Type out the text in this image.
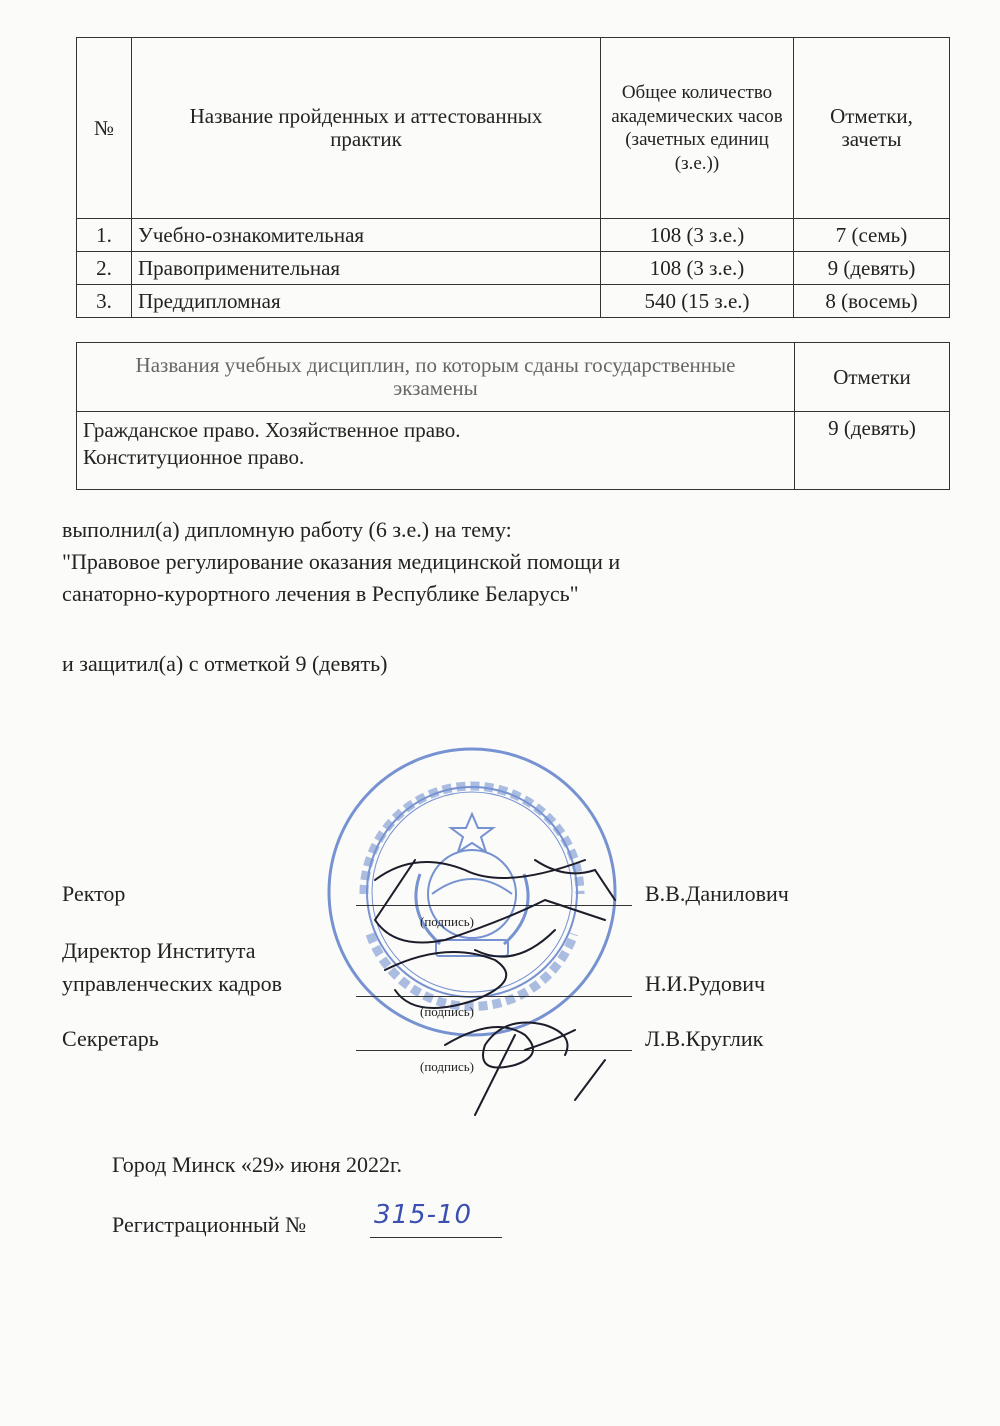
№	Название пройденных и аттестованных практик	Общее количество академических часов (зачетных единиц (з.е.))	Отметки, зачеты
1.	Учебно-ознакомительная	108 (3 з.е.)	7 (семь)
2.	Правоприменительная	108 (3 з.е.)	9 (девять)
3.	Преддипломная	540 (15 з.е.)	8 (восемь)
Названия учебных дисциплин, по которым сданы государственные экзамены	Отметки
Гражданское право. Хозяйственное право. Конституционное право.	9 (девять)
выполнил(а) дипломную работу (6 з.е.) на тему:
"Правовое регулирование оказания медицинской помощи и
санаторно-курортного лечения в Республике Беларусь"
и защитил(а) с отметкой 9 (девять)
Ректор
(подпись)
В.В.Данилович
Директор Института
управленческих кадров
(подпись)
Н.И.Рудович
Секретарь
(подпись)
Л.В.Круглик
Город Минск «29» июня 2022г.
Регистрационный №	315-10
